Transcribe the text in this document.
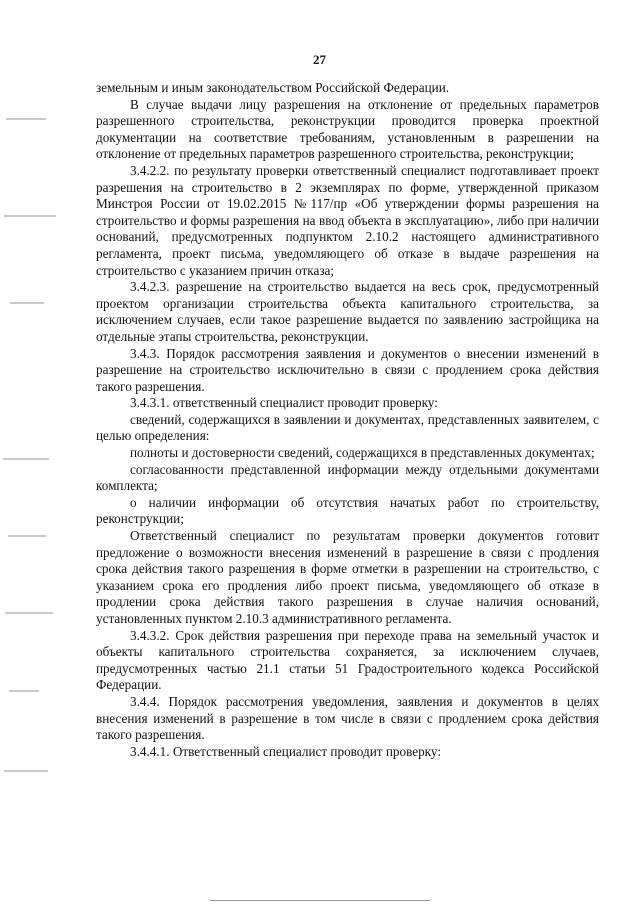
27

земельным и иным законодательством Российской Федерации.

В случае выдачи лицу разрешения на отклонение от предельных параметров разрешенного строительства, реконструкции проводится проверка проектной документации на соответствие требованиям, установленным в разрешении на отклонение от предельных параметров разрешенного строительства, реконструкции;

3.4.2.2. по результату проверки ответственный специалист подготавливает проект разрешения на строительство в 2 экземплярах по форме, утвержденной приказом Минстроя России от 19.02.2015 №117/пр «Об утверждении формы разрешения на строительство и формы разрешения на ввод объекта в эксплуатацию», либо при наличии оснований, предусмотренных подпунктом 2.10.2 настоящего административного регламента, проект письма, уведомляющего об отказе в выдаче разрешения на строительство с указанием причин отказа;

3.4.2.3. разрешение на строительство выдается на весь срок, предусмотренный проектом организации строительства объекта капитального строительства, за исключением случаев, если такое разрешение выдается по заявлению застройщика на отдельные этапы строительства, реконструкции.

3.4.3. Порядок рассмотрения заявления и документов о внесении изменений в разрешение на строительство исключительно в связи с продлением срока действия такого разрешения.

3.4.3.1. ответственный специалист проводит проверку:

сведений, содержащихся в заявлении и документах, представленных заявителем, с целью определения:

полноты и достоверности сведений, содержащихся в представленных документах;

согласованности представленной информации между отдельными документами комплекта;

о наличии информации об отсутствия начатых работ по строительству, реконструкции;

Ответственный специалист по результатам проверки документов готовит предложение о возможности внесения изменений в разрешение в связи с продления срока действия такого разрешения в форме отметки в разрешении на строительство, с указанием срока его продления либо проект письма, уведомляющего об отказе в продлении срока действия такого разрешения в случае наличия оснований, установленных пунктом 2.10.3 административного регламента.

3.4.3.2. Срок действия разрешения при переходе права на земельный участок и объекты капитального строительства сохраняется, за исключением случаев, предусмотренных частью 21.1 статьи 51 Градостроительного кодекса Российской Федерации.

3.4.4. Порядок рассмотрения уведомления, заявления и документов в целях внесения изменений в разрешение в том числе в связи с продлением срока действия такого разрешения.

3.4.4.1. Ответственный специалист проводит проверку:
